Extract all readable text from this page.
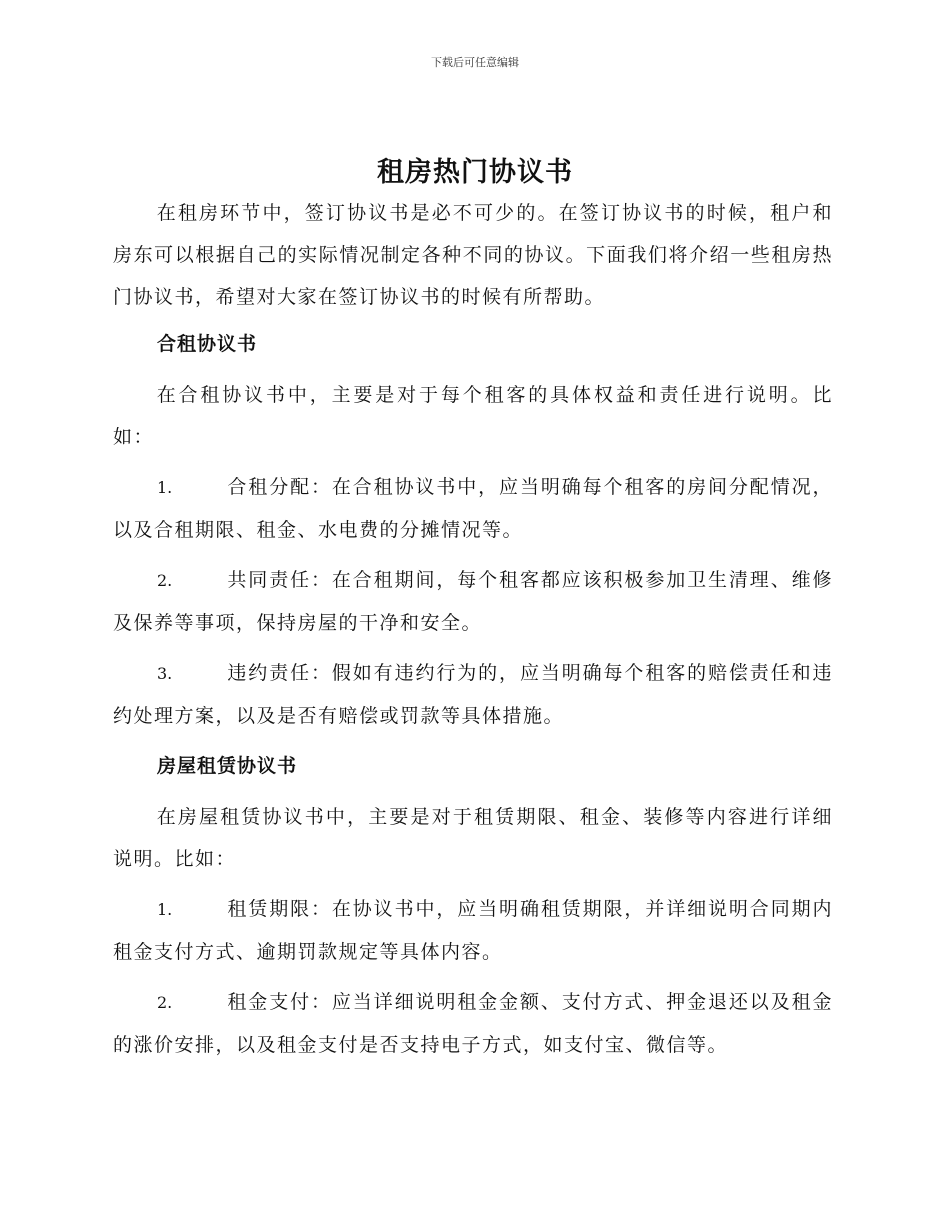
下载后可任意编辑
租房热门协议书

在租房环节中，签订协议书是必不可少的。在签订协议书的时候，租户和房东可以根据自己的实际情况制定各种不同的协议。下面我们将介绍一些租房热门协议书，希望对大家在签订协议书的时候有所帮助。

合租协议书

在合租协议书中，主要是对于每个租客的具体权益和责任进行说明。比如：

1.	合租分配：在合租协议书中，应当明确每个租客的房间分配情况，以及合租期限、租金、水电费的分摊情况等。
2.	共同责任：在合租期间，每个租客都应该积极参加卫生清理、维修及保养等事项，保持房屋的干净和安全。
3.	违约责任：假如有违约行为的，应当明确每个租客的赔偿责任和违约处理方案，以及是否有赔偿或罚款等具体措施。
房屋租赁协议书

在房屋租赁协议书中，主要是对于租赁期限、租金、装修等内容进行详细说明。比如：

1.	租赁期限：在协议书中，应当明确租赁期限，并详细说明合同期内租金支付方式、逾期罚款规定等具体内容。
2.	租金支付：应当详细说明租金金额、支付方式、押金退还以及租金的涨价安排，以及租金支付是否支持电子方式，如支付宝、微信等。
